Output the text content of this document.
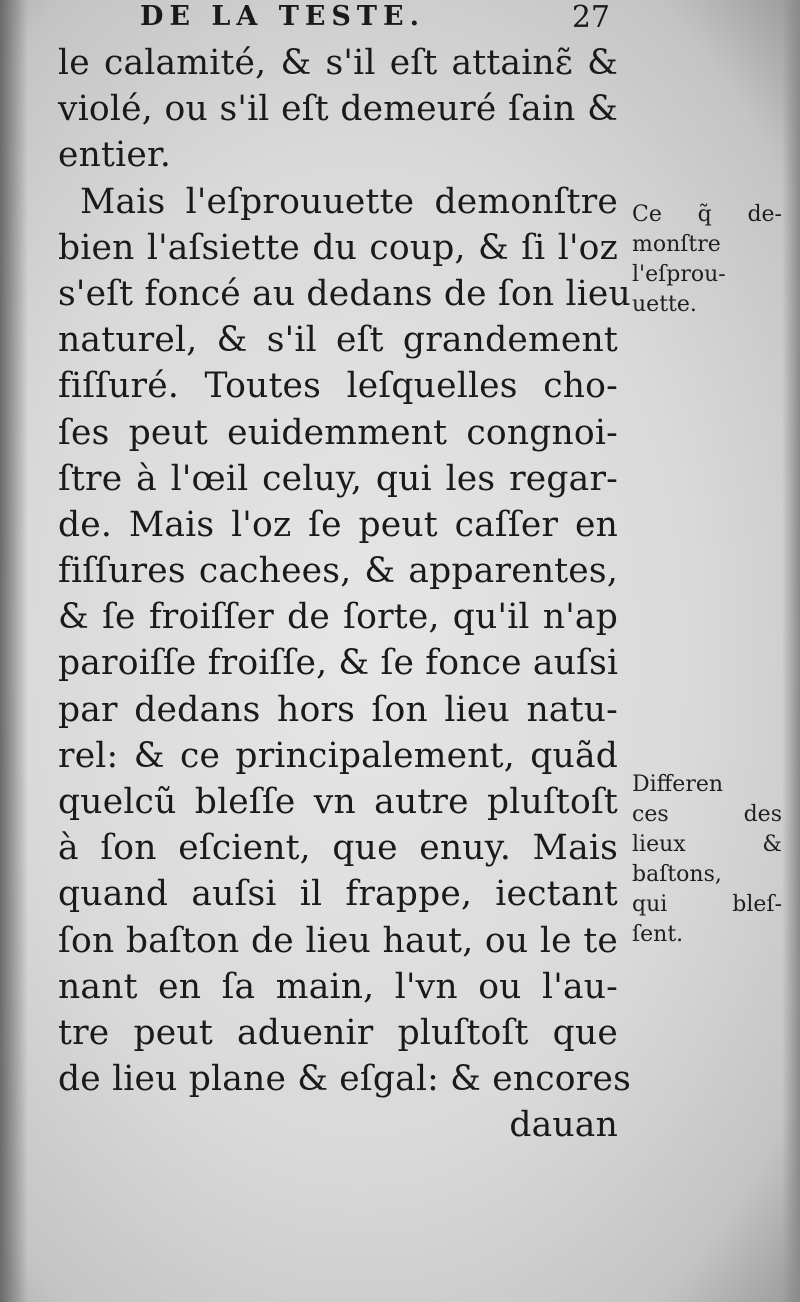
DE LA TESTE.	27
le calamité, & s'il eſt attainɛ̃ &
violé, ou s'il eſt demeuré ſain &
entier.
Mais l'eſprouuette demonſtre
bien l'aſsiette du coup, & ſi l'oz
s'eſt foncé au dedans de ſon lieu
naturel, & s'il eſt grandement
fiſſuré. Toutes leſquelles cho-
ſes peut euidemment congnoi-
ſtre à l'œil celuy, qui les regar-
de. Mais l'oz ſe peut caſſer en
fiſſures cachees, & apparentes,
& ſe froiſſer de ſorte, qu'il n'ap
paroiſſe froiſſe, & ſe fonce auſsi
par dedans hors ſon lieu natu-
rel: & ce principalement, quãd
quelcũ bleſſe vn autre pluſtoſt
à ſon eſcient, que enuy. Mais
quand auſsi il frappe, iectant
ſon baſton de lieu haut, ou le te
nant en ſa main, l'vn ou l'au-
tre peut aduenir pluſtoſt que
de lieu plane & eſgal: & encores
dauan
Ce q̃ de-
monſtre
l'eſprou-
uette.
Differen
ces des
lieux &
baſtons,
qui bleſ-
ſent.
